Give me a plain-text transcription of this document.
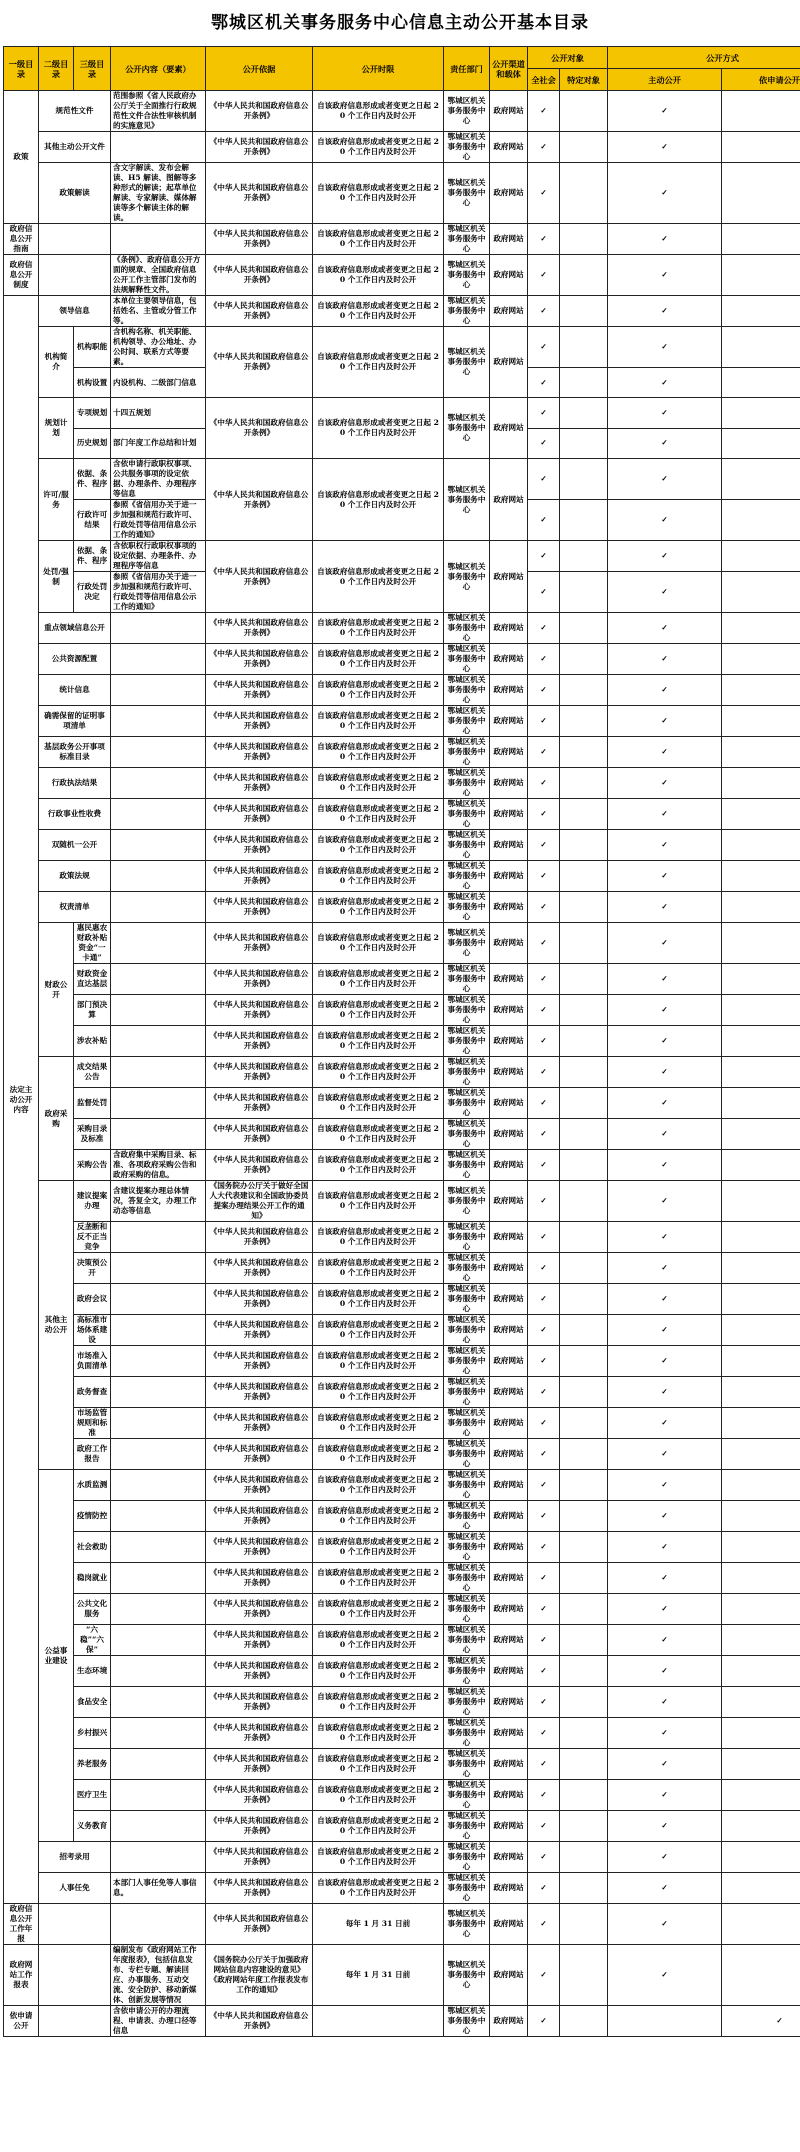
鄂城区机关事务服务中心信息主动公开基本目录
一级目录	二级目录	三级目录	公开内容（要素）	公开依据	公开时限	责任部门	公开渠道和载体	公开对象		公开方式	
								全社会	特定对象	主动公开	依申请公开
政策	规范性文件		范围参照《省人民政府办公厅关于全面推行行政规范性文件合法性审核机制的实施意见》	《中华人民共和国政府信息公开条例》	自该政府信息形成或者变更之日起 20 个工作日内及时公开	鄂城区机关事务服务中心	政府网站	✓		✓	
	其他主动公开文件			《中华人民共和国政府信息公开条例》	自该政府信息形成或者变更之日起 20 个工作日内及时公开	鄂城区机关事务服务中心	政府网站	✓		✓	
	政策解读		含文字解读、发布会解读、H5 解读、图解等多种形式的解读；起草单位解读、专家解读、媒体解读等多个解读主体的解读。	《中华人民共和国政府信息公开条例》	自该政府信息形成或者变更之日起 20 个工作日内及时公开	鄂城区机关事务服务中心	政府网站	✓		✓	
政府信息公开指南				《中华人民共和国政府信息公开条例》	自该政府信息形成或者变更之日起 20 个工作日内及时公开	鄂城区机关事务服务中心	政府网站	✓		✓	
政府信息公开制度			《条例》、政府信息公开方面的规章、全国政府信息公开工作主管部门发布的法规解释性文件。	《中华人民共和国政府信息公开条例》	自该政府信息形成或者变更之日起 20 个工作日内及时公开	鄂城区机关事务服务中心	政府网站	✓		✓	
法定主动公开内容	领导信息		本单位主要领导信息，包括姓名、主管或分管工作等。	《中华人民共和国政府信息公开条例》	自该政府信息形成或者变更之日起 20 个工作日内及时公开	鄂城区机关事务服务中心	政府网站	✓		✓	
	机构简介	机构职能	含机构名称、机关职能、机构领导、办公地址、办公时间、联系方式等要素。	《中华人民共和国政府信息公开条例》	自该政府信息形成或者变更之日起 20 个工作日内及时公开	鄂城区机关事务服务中心	政府网站	✓		✓	
		机构设置	内设机构、二级部门信息					✓		✓	
	规划计划	专项规划	十四五规划	《中华人民共和国政府信息公开条例》	自该政府信息形成或者变更之日起 20 个工作日内及时公开	鄂城区机关事务服务中心	政府网站	✓		✓	
		历史规划	部门年度工作总结和计划					✓		✓	
	许可/服务	依据、条件、程序	含依申请行政职权事项、公共服务事项的设定依据、办理条件、办理程序等信息	《中华人民共和国政府信息公开条例》	自该政府信息形成或者变更之日起 20 个工作日内及时公开	鄂城区机关事务服务中心	政府网站	✓		✓	
		行政许可结果	参照《省信用办关于进一步加强和规范行政许可、行政处罚等信用信息公示工作的通知》					✓		✓	
	处罚/强制	依据、条件、程序	含依职权行政职权事项的设定依据、办理条件、办理程序等信息	《中华人民共和国政府信息公开条例》	自该政府信息形成或者变更之日起 20 个工作日内及时公开	鄂城区机关事务服务中心	政府网站	✓		✓	
		行政处罚决定	参照《省信用办关于进一步加强和规范行政许可、行政处罚等信用信息公示工作的通知》					✓		✓	
	重点领域信息公开			《中华人民共和国政府信息公开条例》	自该政府信息形成或者变更之日起 20 个工作日内及时公开	鄂城区机关事务服务中心	政府网站	✓		✓	
	公共资源配置			《中华人民共和国政府信息公开条例》	自该政府信息形成或者变更之日起 20 个工作日内及时公开	鄂城区机关事务服务中心	政府网站	✓		✓	
	统计信息			《中华人民共和国政府信息公开条例》	自该政府信息形成或者变更之日起 20 个工作日内及时公开	鄂城区机关事务服务中心	政府网站	✓		✓	
	确需保留的证明事项清单			《中华人民共和国政府信息公开条例》	自该政府信息形成或者变更之日起 20 个工作日内及时公开	鄂城区机关事务服务中心	政府网站	✓		✓	
	基层政务公开事项标准目录			《中华人民共和国政府信息公开条例》	自该政府信息形成或者变更之日起 20 个工作日内及时公开	鄂城区机关事务服务中心	政府网站	✓		✓	
	行政执法结果			《中华人民共和国政府信息公开条例》	自该政府信息形成或者变更之日起 20 个工作日内及时公开	鄂城区机关事务服务中心	政府网站	✓		✓	
	行政事业性收费			《中华人民共和国政府信息公开条例》	自该政府信息形成或者变更之日起 20 个工作日内及时公开	鄂城区机关事务服务中心	政府网站	✓		✓	
	双随机一公开			《中华人民共和国政府信息公开条例》	自该政府信息形成或者变更之日起 20 个工作日内及时公开	鄂城区机关事务服务中心	政府网站	✓		✓	
	政策法规			《中华人民共和国政府信息公开条例》	自该政府信息形成或者变更之日起 20 个工作日内及时公开	鄂城区机关事务服务中心	政府网站	✓		✓	
	权责清单			《中华人民共和国政府信息公开条例》	自该政府信息形成或者变更之日起 20 个工作日内及时公开	鄂城区机关事务服务中心	政府网站	✓		✓	
	财政公开	惠民惠农财政补贴资金“一卡通”		《中华人民共和国政府信息公开条例》	自该政府信息形成或者变更之日起 20 个工作日内及时公开	鄂城区机关事务服务中心	政府网站	✓		✓	
		财政资金直达基层		《中华人民共和国政府信息公开条例》	自该政府信息形成或者变更之日起 20 个工作日内及时公开	鄂城区机关事务服务中心	政府网站	✓		✓	
		部门预决算		《中华人民共和国政府信息公开条例》	自该政府信息形成或者变更之日起 20 个工作日内及时公开	鄂城区机关事务服务中心	政府网站	✓		✓	
		涉农补贴		《中华人民共和国政府信息公开条例》	自该政府信息形成或者变更之日起 20 个工作日内及时公开	鄂城区机关事务服务中心	政府网站	✓		✓	
	政府采购	成交结果公告		《中华人民共和国政府信息公开条例》	自该政府信息形成或者变更之日起 20 个工作日内及时公开	鄂城区机关事务服务中心	政府网站	✓		✓	
		监督处罚		《中华人民共和国政府信息公开条例》	自该政府信息形成或者变更之日起 20 个工作日内及时公开	鄂城区机关事务服务中心	政府网站	✓		✓	
		采购目录及标准		《中华人民共和国政府信息公开条例》	自该政府信息形成或者变更之日起 20 个工作日内及时公开	鄂城区机关事务服务中心	政府网站	✓		✓	
		采购公告	含政府集中采购目录、标准、各项政府采购公告和政府采购的信息。	《中华人民共和国政府信息公开条例》	自该政府信息形成或者变更之日起 20 个工作日内及时公开	鄂城区机关事务服务中心	政府网站	✓		✓	
	其他主动公开	建议提案办理	含建议提案办理总体情况，答复全文，办理工作动态等信息	《国务院办公厅关于做好全国人大代表建议和全国政协委员提案办理结果公开工作的通知》	自该政府信息形成或者变更之日起 20 个工作日内及时公开	鄂城区机关事务服务中心	政府网站	✓		✓	
		反垄断和反不正当竞争		《中华人民共和国政府信息公开条例》	自该政府信息形成或者变更之日起 20 个工作日内及时公开	鄂城区机关事务服务中心	政府网站	✓		✓	
		决策预公开		《中华人民共和国政府信息公开条例》	自该政府信息形成或者变更之日起 20 个工作日内及时公开	鄂城区机关事务服务中心	政府网站	✓		✓	
		政府会议		《中华人民共和国政府信息公开条例》	自该政府信息形成或者变更之日起 20 个工作日内及时公开	鄂城区机关事务服务中心	政府网站	✓		✓	
		高标准市场体系建设		《中华人民共和国政府信息公开条例》	自该政府信息形成或者变更之日起 20 个工作日内及时公开	鄂城区机关事务服务中心	政府网站	✓		✓	
		市场准入负面清单		《中华人民共和国政府信息公开条例》	自该政府信息形成或者变更之日起 20 个工作日内及时公开	鄂城区机关事务服务中心	政府网站	✓		✓	
		政务督查		《中华人民共和国政府信息公开条例》	自该政府信息形成或者变更之日起 20 个工作日内及时公开	鄂城区机关事务服务中心	政府网站	✓		✓	
		市场监管规则和标准		《中华人民共和国政府信息公开条例》	自该政府信息形成或者变更之日起 20 个工作日内及时公开	鄂城区机关事务服务中心	政府网站	✓		✓	
		政府工作报告		《中华人民共和国政府信息公开条例》	自该政府信息形成或者变更之日起 20 个工作日内及时公开	鄂城区机关事务服务中心	政府网站	✓		✓	
	公益事业建设	水质监测		《中华人民共和国政府信息公开条例》	自该政府信息形成或者变更之日起 20 个工作日内及时公开	鄂城区机关事务服务中心	政府网站	✓		✓	
		疫情防控		《中华人民共和国政府信息公开条例》	自该政府信息形成或者变更之日起 20 个工作日内及时公开	鄂城区机关事务服务中心	政府网站	✓		✓	
		社会救助		《中华人民共和国政府信息公开条例》	自该政府信息形成或者变更之日起 20 个工作日内及时公开	鄂城区机关事务服务中心	政府网站	✓		✓	
		稳岗就业		《中华人民共和国政府信息公开条例》	自该政府信息形成或者变更之日起 20 个工作日内及时公开	鄂城区机关事务服务中心	政府网站	✓		✓	
		公共文化服务		《中华人民共和国政府信息公开条例》	自该政府信息形成或者变更之日起 20 个工作日内及时公开	鄂城区机关事务服务中心	政府网站	✓		✓	
		“六稳”“六保”		《中华人民共和国政府信息公开条例》	自该政府信息形成或者变更之日起 20 个工作日内及时公开	鄂城区机关事务服务中心	政府网站	✓		✓	
		生态环境		《中华人民共和国政府信息公开条例》	自该政府信息形成或者变更之日起 20 个工作日内及时公开	鄂城区机关事务服务中心	政府网站	✓		✓	
		食品安全		《中华人民共和国政府信息公开条例》	自该政府信息形成或者变更之日起 20 个工作日内及时公开	鄂城区机关事务服务中心	政府网站	✓		✓	
		乡村振兴		《中华人民共和国政府信息公开条例》	自该政府信息形成或者变更之日起 20 个工作日内及时公开	鄂城区机关事务服务中心	政府网站	✓		✓	
		养老服务		《中华人民共和国政府信息公开条例》	自该政府信息形成或者变更之日起 20 个工作日内及时公开	鄂城区机关事务服务中心	政府网站	✓		✓	
		医疗卫生		《中华人民共和国政府信息公开条例》	自该政府信息形成或者变更之日起 20 个工作日内及时公开	鄂城区机关事务服务中心	政府网站	✓		✓	
		义务教育		《中华人民共和国政府信息公开条例》	自该政府信息形成或者变更之日起 20 个工作日内及时公开	鄂城区机关事务服务中心	政府网站	✓		✓	
	招考录用			《中华人民共和国政府信息公开条例》	自该政府信息形成或者变更之日起 20 个工作日内及时公开	鄂城区机关事务服务中心	政府网站	✓		✓	
	人事任免		本部门人事任免等人事信息。	《中华人民共和国政府信息公开条例》	自该政府信息形成或者变更之日起 20 个工作日内及时公开	鄂城区机关事务服务中心	政府网站	✓		✓	
政府信息公开工作年报				《中华人民共和国政府信息公开条例》	每年 1 月 31 日前	鄂城区机关事务服务中心	政府网站	✓		✓	
政府网站工作报表			编制发布《政府网站工作年度报表》，包括信息发布、专栏专题、解读回应、办事服务、互动交流、安全防护、移动新媒体、创新发展等情况	《国务院办公厅关于加强政府网站信息内容建设的意见》《政府网站年度工作报表发布工作的通知》	每年 1 月 31 日前	鄂城区机关事务服务中心	政府网站	✓		✓	
依申请公开			含依申请公开的办理流程、申请表、办理口径等信息	《中华人民共和国政府信息公开条例》		鄂城区机关事务服务中心	政府网站	✓			✓
